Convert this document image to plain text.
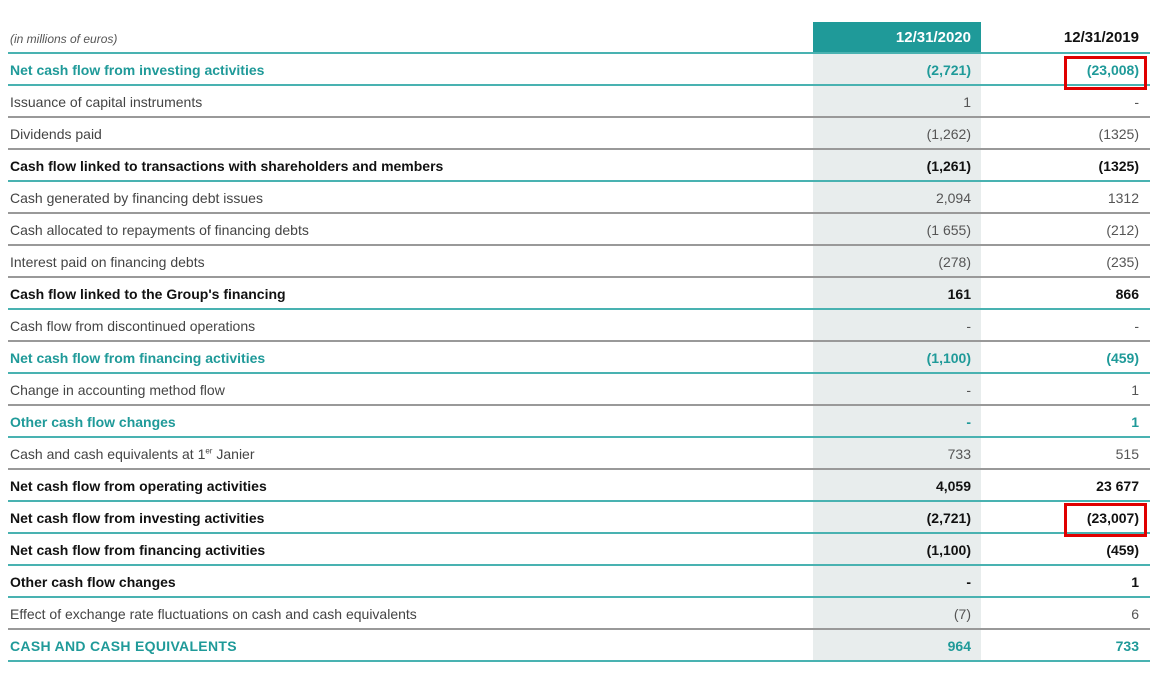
(in millions of euros)	12/31/2020	12/31/2019
Net cash flow from investing activities	(2,721)	(23,008)
Issuance of capital instruments	1	-
Dividends paid	(1,262)	(1325)
Cash flow linked to transactions with shareholders and members	(1,261)	(1325)
Cash generated by financing debt issues	2,094	1312
Cash allocated to repayments of financing debts	(1 655)	(212)
Interest paid on financing debts	(278)	(235)
Cash flow linked to the Group's financing	161	866
Cash flow from discontinued operations	-	-
Net cash flow from financing activities	(1,100)	(459)
Change in accounting method flow	-	1
Other cash flow changes	-	1
Cash and cash equivalents at 1er Janier	733	515
Net cash flow from operating activities	4,059	23 677
Net cash flow from investing activities	(2,721)	(23,007)
Net cash flow from financing activities	(1,100)	(459)
Other cash flow changes	-	1
Effect of exchange rate fluctuations on cash and cash equivalents	(7)	6
CASH AND CASH EQUIVALENTS	964	733
